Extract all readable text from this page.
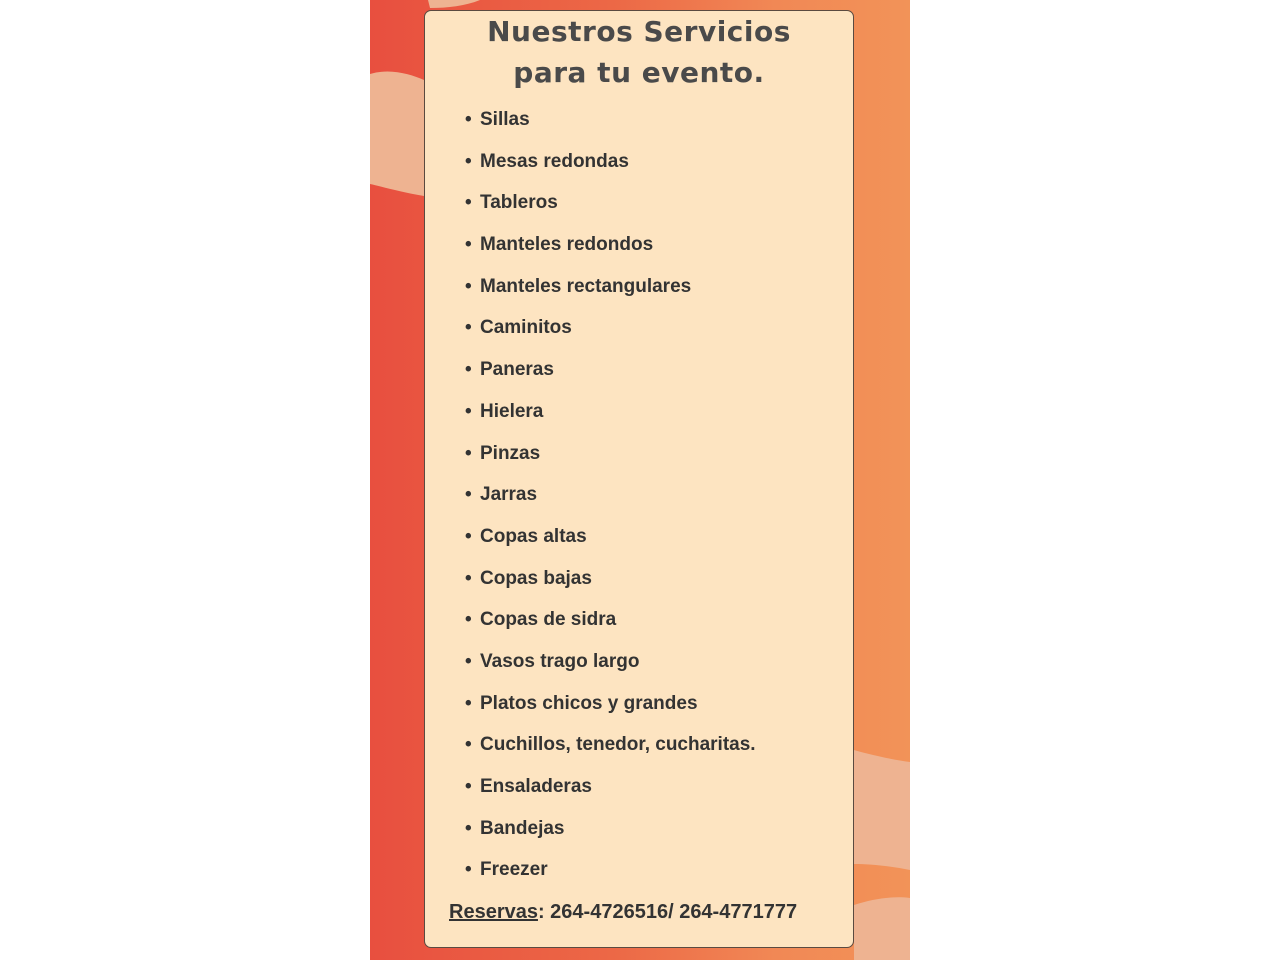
Nuestros Servicios
para tu evento.
• Sillas
• Mesas redondas
• Tableros
• Manteles redondos
• Manteles rectangulares
• Caminitos
• Paneras
• Hielera
• Pinzas
• Jarras
• Copas altas
• Copas bajas
• Copas de sidra
• Vasos trago largo
• Platos chicos y grandes
• Cuchillos, tenedor, cucharitas.
• Ensaladeras
• Bandejas
• Freezer
Reservas: 264-4726516/ 264-4771777
